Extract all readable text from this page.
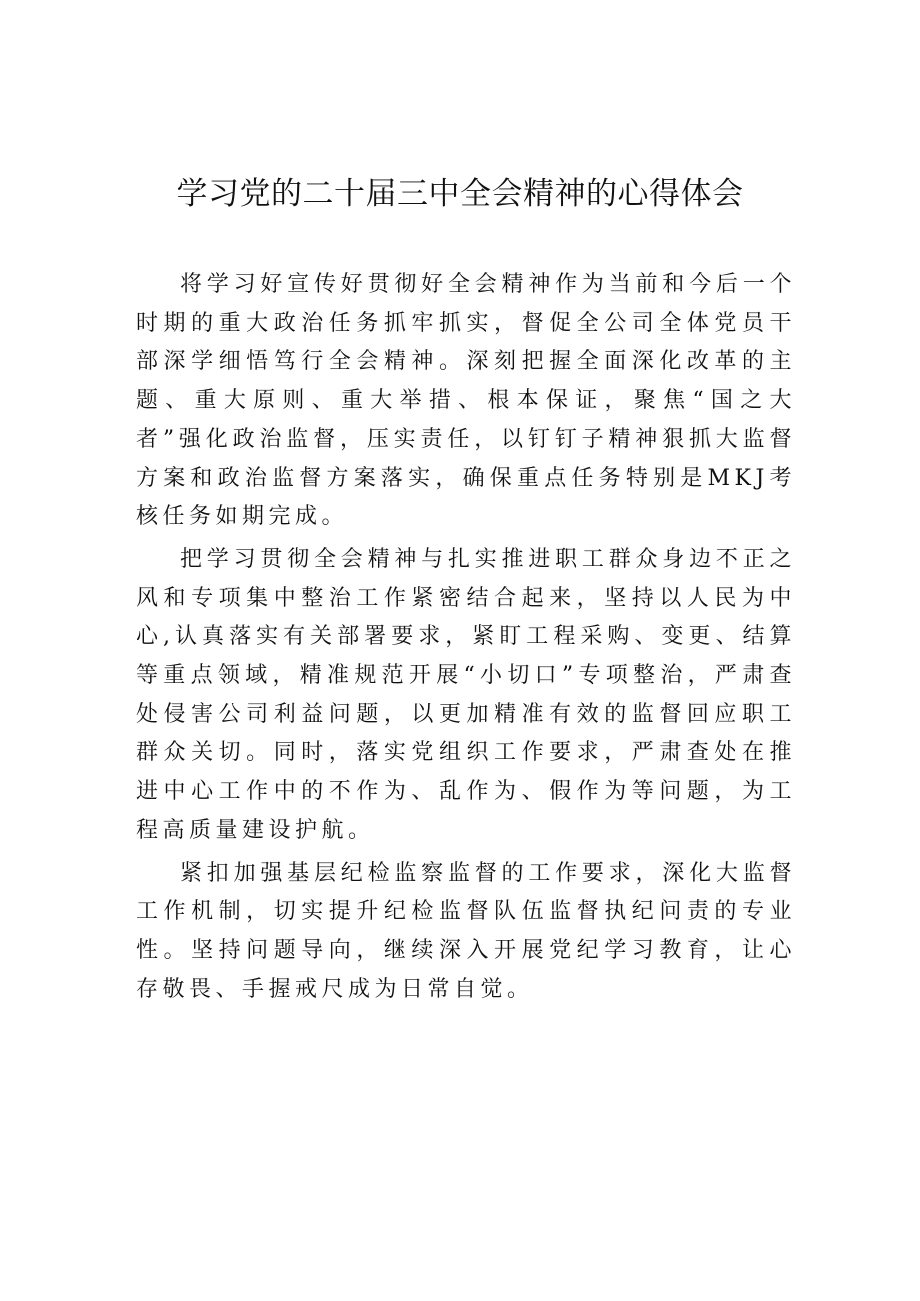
学习党的二十届三中全会精神的心得体会

将学习好宣传好贯彻好全会精神作为当前和今后一个时期的重大政治任务抓牢抓实，督促全公司全体党员干部深学细悟笃行全会精神。深刻把握全面深化改革的主题、重大原则、重大举措、根本保证，聚焦“国之大者”强化政治监督，压实责任，以钉钉子精神狠抓大监督方案和政治监督方案落实，确保重点任务特别是MKJ考核任务如期完成。

把学习贯彻全会精神与扎实推进职工群众身边不正之风和专项集中整治工作紧密结合起来，坚持以人民为中心,认真落实有关部署要求，紧盯工程采购、变更、结算等重点领域，精准规范开展“小切口”专项整治，严肃查处侵害公司利益问题，以更加精准有效的监督回应职工群众关切。同时，落实党组织工作要求，严肃查处在推进中心工作中的不作为、乱作为、假作为等问题，为工程高质量建设护航。

紧扣加强基层纪检监察监督的工作要求，深化大监督工作机制，切实提升纪检监督队伍监督执纪问责的专业性。坚持问题导向，继续深入开展党纪学习教育，让心存敬畏、手握戒尺成为日常自觉。
